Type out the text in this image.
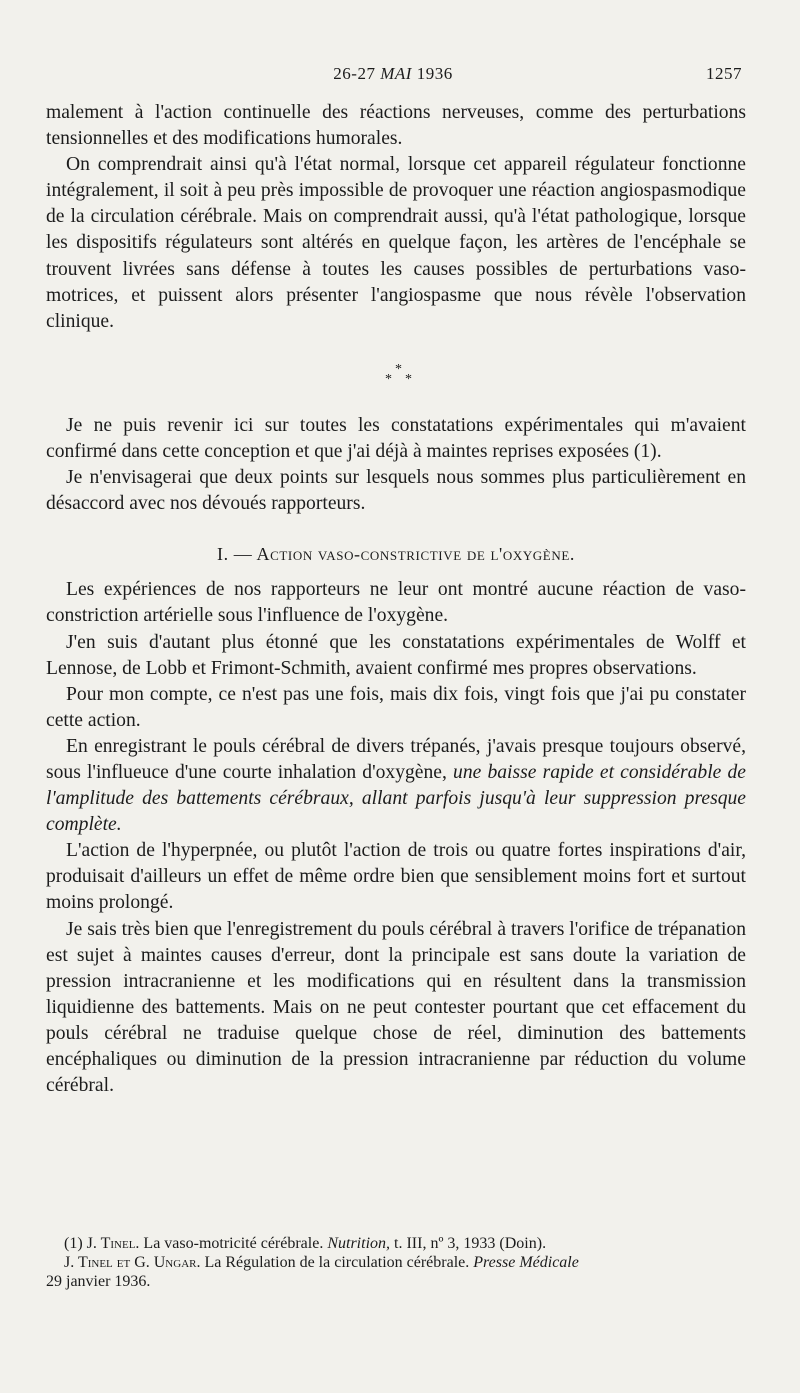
26-27 MAI 1936	1257

malement à l'action continuelle des réactions nerveuses, comme des perturbations tensionnelles et des modifications humorales.

On comprendrait ainsi qu'à l'état normal, lorsque cet appareil régulateur fonctionne intégralement, il soit à peu près impossible de provoquer une réaction angiospasmodique de la circulation cérébrale. Mais on comprendrait aussi, qu'à l'état pathologique, lorsque les dispositifs régulateurs sont altérés en quelque façon, les artères de l'encéphale se trouvent livrées sans défense à toutes les causes possibles de perturbations vaso-motrices, et puissent alors présenter l'angiospasme que nous révèle l'observation clinique.

*
* *

Je ne puis revenir ici sur toutes les constatations expérimentales qui m'avaient confirmé dans cette conception et que j'ai déjà à maintes reprises exposées (1).

Je n'envisagerai que deux points sur lesquels nous sommes plus particulièrement en désaccord avec nos dévoués rapporteurs.

I. — Action vaso-constrictive de l'oxygène.

Les expériences de nos rapporteurs ne leur ont montré aucune réaction de vaso-constriction artérielle sous l'influence de l'oxygène.

J'en suis d'autant plus étonné que les constatations expérimentales de Wolff et Lennose, de Lobb et Frimont-Schmith, avaient confirmé mes propres observations.

Pour mon compte, ce n'est pas une fois, mais dix fois, vingt fois que j'ai pu constater cette action.

En enregistrant le pouls cérébral de divers trépanés, j'avais presque toujours observé, sous l'influeuce d'une courte inhalation d'oxygène, une baisse rapide et considérable de l'amplitude des battements cérébraux, allant parfois jusqu'à leur suppression presque complète.

L'action de l'hyperpnée, ou plutôt l'action de trois ou quatre fortes inspirations d'air, produisait d'ailleurs un effet de même ordre bien que sensiblement moins fort et surtout moins prolongé.

Je sais très bien que l'enregistrement du pouls cérébral à travers l'orifice de trépanation est sujet à maintes causes d'erreur, dont la principale est sans doute la variation de pression intracranienne et les modifications qui en résultent dans la transmission liquidienne des battements. Mais on ne peut contester pourtant que cet effacement du pouls cérébral ne traduise quelque chose de réel, diminution des battements encéphaliques ou diminution de la pression intracranienne par réduction du volume cérébral.

(1) J. Tinel. La vaso-motricité cérébrale. Nutrition, t. III, nº 3, 1933 (Doin).

J. Tinel et G. Ungar. La Régulation de la circulation cérébrale. Presse Médicale
29 janvier 1936.
